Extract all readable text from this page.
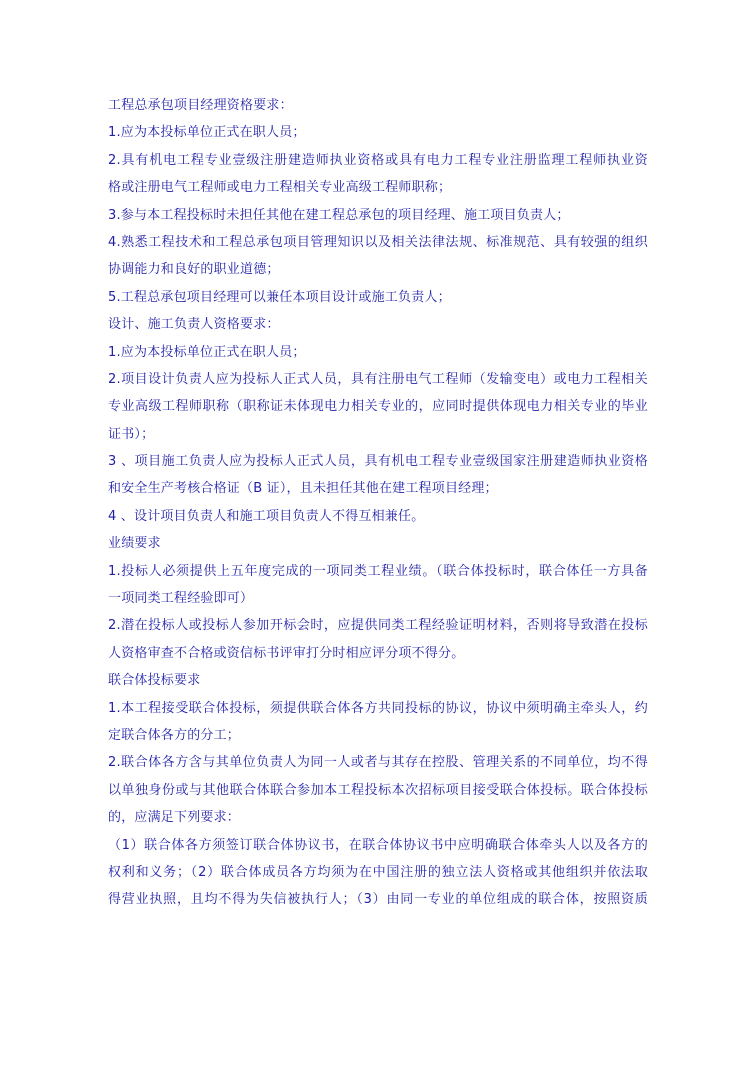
工程总承包项目经理资格要求：
1.应为本投标单位正式在职人员；
2.具有机电工程专业壹级注册建造师执业资格或具有电力工程专业注册监理工程师执业资
格或注册电气工程师或电力工程相关专业高级工程师职称；
3.参与本工程投标时未担任其他在建工程总承包的项目经理、施工项目负责人；
4.熟悉工程技术和工程总承包项目管理知识以及相关法律法规、标准规范、具有较强的组织
协调能力和良好的职业道德；
5.工程总承包项目经理可以兼任本项目设计或施工负责人；
设计、施工负责人资格要求：
1.应为本投标单位正式在职人员；
2.项目设计负责人应为投标人正式人员，具有注册电气工程师（发输变电）或电力工程相关
专业高级工程师职称（职称证未体现电力相关专业的，应同时提供体现电力相关专业的毕业
证书）；
3 、项目施工负责人应为投标人正式人员，具有机电工程专业壹级国家注册建造师执业资格
和安全生产考核合格证（B 证），且未担任其他在建工程项目经理；
4 、设计项目负责人和施工项目负责人不得互相兼任。
业绩要求
1.投标人必须提供上五年度完成的一项同类工程业绩。（联合体投标时，联合体任一方具备
一项同类工程经验即可）
2.潜在投标人或投标人参加开标会时，应提供同类工程经验证明材料，否则将导致潜在投标
人资格审查不合格或资信标书评审打分时相应评分项不得分。
联合体投标要求
1.本工程接受联合体投标，须提供联合体各方共同投标的协议，协议中须明确主牵头人，约
定联合体各方的分工；
2.联合体各方含与其单位负责人为同一人或者与其存在控股、管理关系的不同单位，均不得
以单独身份或与其他联合体联合参加本工程投标本次招标项目接受联合体投标。联合体投标
的，应满足下列要求：
（1）联合体各方须签订联合体协议书，在联合体协议书中应明确联合体牵头人以及各方的
权利和义务；（2）联合体成员各方均须为在中国注册的独立法人资格或其他组织并依法取
得营业执照，且均不得为失信被执行人；（3）由同一专业的单位组成的联合体，按照资质
